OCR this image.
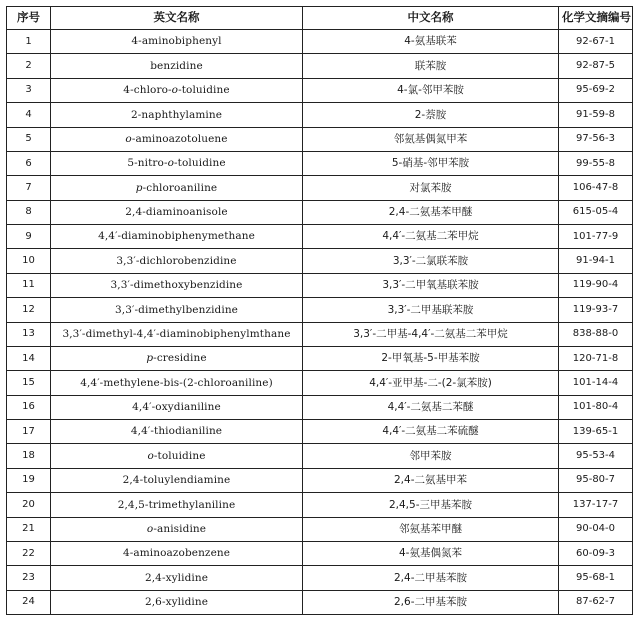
序号	英文名称	中文名称	化学文摘编号
1	4-aminobiphenyl	4-氨基联苯	92-67-1
2	benzidine	联苯胺	92-87-5
3	4-chloro-o-toluidine	4-氯-邻甲苯胺	95-69-2
4	2-naphthylamine	2-萘胺	91-59-8
5	o-aminoazotoluene	邻氨基偶氮甲苯	97-56-3
6	5-nitro-o-toluidine	5-硝基-邻甲苯胺	99-55-8
7	p-chloroaniline	对氯苯胺	106-47-8
8	2,4-diaminoanisole	2,4-二氨基苯甲醚	615-05-4
9	4,4′-diaminobiphenymethane	4,4′-二氨基二苯甲烷	101-77-9
10	3,3′-dichlorobenzidine	3,3′-二氯联苯胺	91-94-1
11	3,3′-dimethoxybenzidine	3,3′-二甲氧基联苯胺	119-90-4
12	3,3′-dimethylbenzidine	3,3′-二甲基联苯胺	119-93-7
13	3,3′-dimethyl-4,4′-diaminobiphenylmthane	3,3′-二甲基-4,4′-二氨基二苯甲烷	838-88-0
14	p-cresidine	2-甲氧基-5-甲基苯胺	120-71-8
15	4,4′-methylene-bis-(2-chloroaniline)	4,4′-亚甲基-二-(2-氯苯胺)	101-14-4
16	4,4′-oxydianiline	4,4′-二氨基二苯醚	101-80-4
17	4,4′-thiodianiline	4,4′-二氨基二苯硫醚	139-65-1
18	o-toluidine	邻甲苯胺	95-53-4
19	2,4-toluylendiamine	2,4-二氨基甲苯	95-80-7
20	2,4,5-trimethylaniline	2,4,5-三甲基苯胺	137-17-7
21	o-anisidine	邻氨基苯甲醚	90-04-0
22	4-aminoazobenzene	4-氨基偶氮苯	60-09-3
23	2,4-xylidine	2,4-二甲基苯胺	95-68-1
24	2,6-xylidine	2,6-二甲基苯胺	87-62-7
